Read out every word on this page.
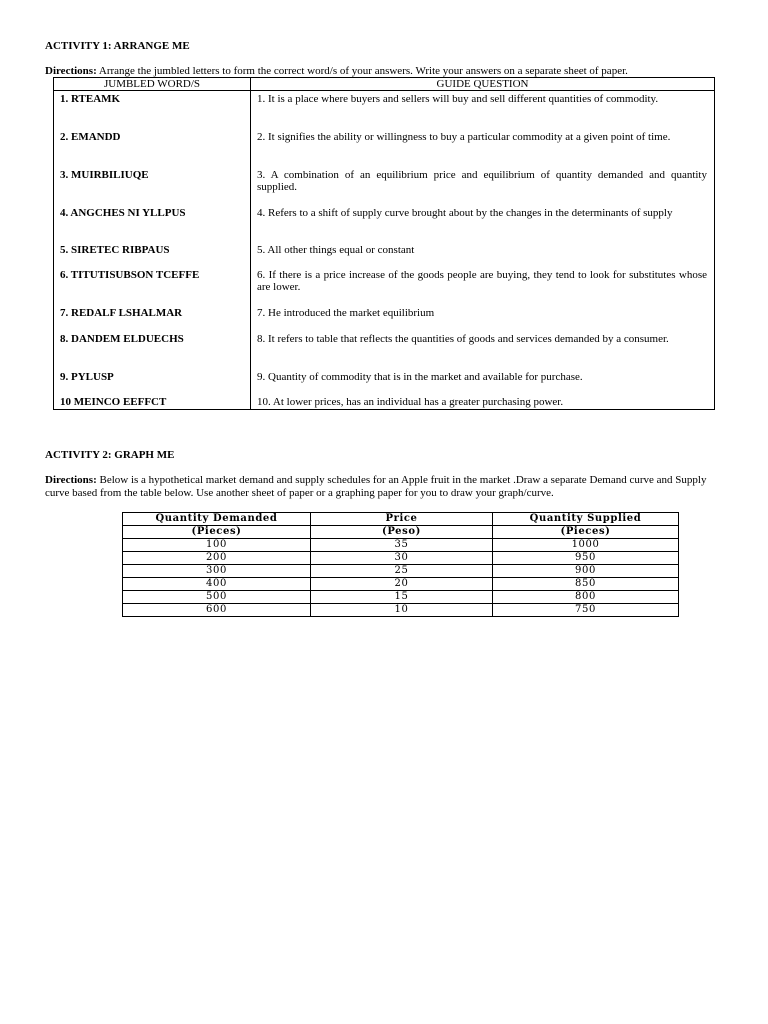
ACTIVITY 1: ARRANGE ME
Directions: Arrange the jumbled letters to form the correct word/s of your answers. Write your answers on a separate sheet of paper.
JUMBLED WORD/S	GUIDE QUESTION
1. RTEAMK	1. It is a place where buyers and sellers will buy and sell different quantities of commodity.
2. EMANDD	2. It signifies the ability or willingness to buy a particular commodity at a given point of time.
3. MUIRBILIUQE	3. A combination of an equilibrium price and equilibrium of quantity demanded and quantity supplied.
4. ANGCHES NI YLLPUS	4. Refers to a shift of supply curve brought about by the changes in the determinants of supply
5. SIRETEC RIBPAUS	5. All other things equal or constant
6. TITUTISUBSON TCEFFE	6. If there is a price increase of the goods people are buying, they tend to look for substitutes whose are lower.
7. REDALF LSHALMAR	7. He introduced the market equilibrium
8. DANDEM ELDUECHS	8. It refers to table that reflects the quantities of goods and services demanded by a consumer.
9. PYLUSP	9. Quantity of commodity that is in the market and available for purchase.
10 MEINCO EEFFCT	10. At lower prices, has an individual has a greater purchasing power.
ACTIVITY 2: GRAPH ME
Directions: Below is a hypothetical market demand and supply schedules for an Apple fruit in the market .Draw a separate Demand curve and Supply curve based from the table below. Use another sheet of paper or a graphing paper for you to draw your graph/curve.
Quantity Demanded	Price	Quantity Supplied
(Pieces)	(Peso)	(Pieces)
100	35	1000
200	30	950
300	25	900
400	20	850
500	15	800
600	10	750
